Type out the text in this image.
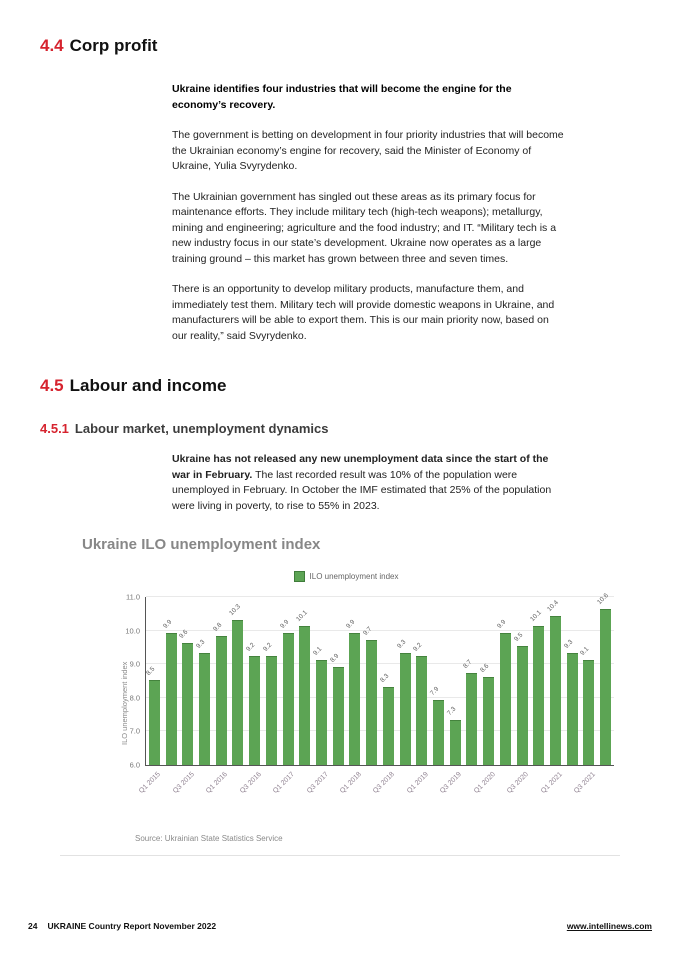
4.4 Corp profit

Ukraine identifies four industries that will become the engine for the economy’s recovery.

The government is betting on development in four priority industries that will become the Ukrainian economy’s engine for recovery, said the Minister of Economy of Ukraine, Yulia Svyrydenko.

The Ukrainian government has singled out these areas as its primary focus for maintenance efforts. They include military tech (high-tech weapons); metallurgy, mining and engineering; agriculture and the food industry; and IT. “Military tech is a new industry focus in our state’s development. Ukraine now operates as a large training ground – this market has grown between three and seven times.

There is an opportunity to develop military products, manufacture them, and immediately test them. Military tech will provide domestic weapons in Ukraine, and manufacturers will be able to export them. This is our main priority now, based on our reality,” said Svyrydenko.

4.5 Labour and income
4.5.1 Labour market, unemployment dynamics

Ukraine has not released any new unemployment data since the start of the war in February. The last recorded result was 10% of the population were unemployed in February. In October the IMF estimated that 25% of the population were living in poverty, to rise to 55% in 2023.

Ukraine ILO unemployment index
ILO unemployment index
ILO unemployment index
6.0
7.0
8.0
9.0
10.0
11.0
8.5
Q1 2015
9.9
9.6
Q3 2015
9.3
9.8
Q1 2016
10.3
9.2
Q3 2016
9.2
9.9
Q1 2017
10.1
9.1
Q3 2017
8.9
9.9
Q1 2018
9.7
8.3
Q3 2018
9.3 9.2
Q1 2019
7.9
7.3
Q3 2019
8.7 8.6
Q1 2020
9.9
9.5
Q3 2020
10.1
10.4
Q1 2021
9.3
9.1
Q3 2021
10.6
Source: Ukrainian State Statistics Service
24 UKRAINE Country Report November 2022	www.intellinews.com
